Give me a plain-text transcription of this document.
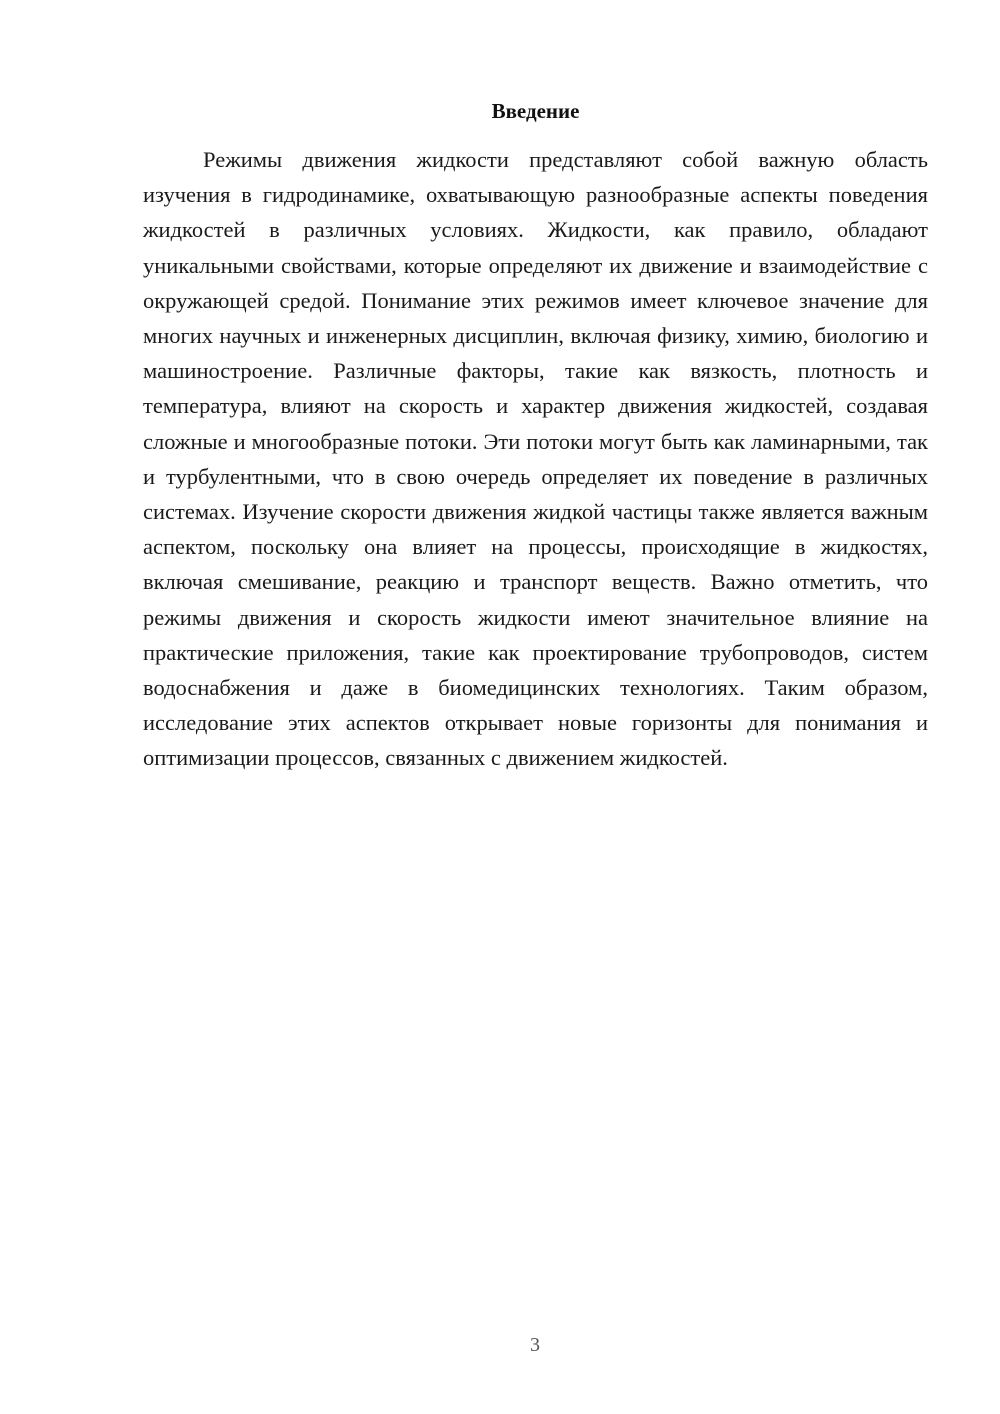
Введение

Режимы движения жидкости представляют собой важную область изучения в гидродинамике, охватывающую разнообразные аспекты поведения жидкостей в различных условиях. Жидкости, как правило, обладают уникальными свойствами, которые определяют их движение и взаимодействие с окружающей средой. Понимание этих режимов имеет ключевое значение для многих научных и инженерных дисциплин, включая физику, химию, биологию и машиностроение. Различные факторы, такие как вязкость, плотность и температура, влияют на скорость и характер движения жидкостей, создавая сложные и многообразные потоки. Эти потоки могут быть как ламинарными, так и турбулентными, что в свою очередь определяет их поведение в различных системах. Изучение скорости движения жидкой частицы также является важным аспектом, поскольку она влияет на процессы, происходящие в жидкостях, включая смешивание, реакцию и транспорт веществ. Важно отметить, что режимы движения и скорость жидкости имеют значительное влияние на практические приложения, такие как проектирование трубопроводов, систем водоснабжения и даже в биомедицинских технологиях. Таким образом, исследование этих аспектов открывает новые горизонты для понимания и оптимизации процессов, связанных с движением жидкостей.

3
